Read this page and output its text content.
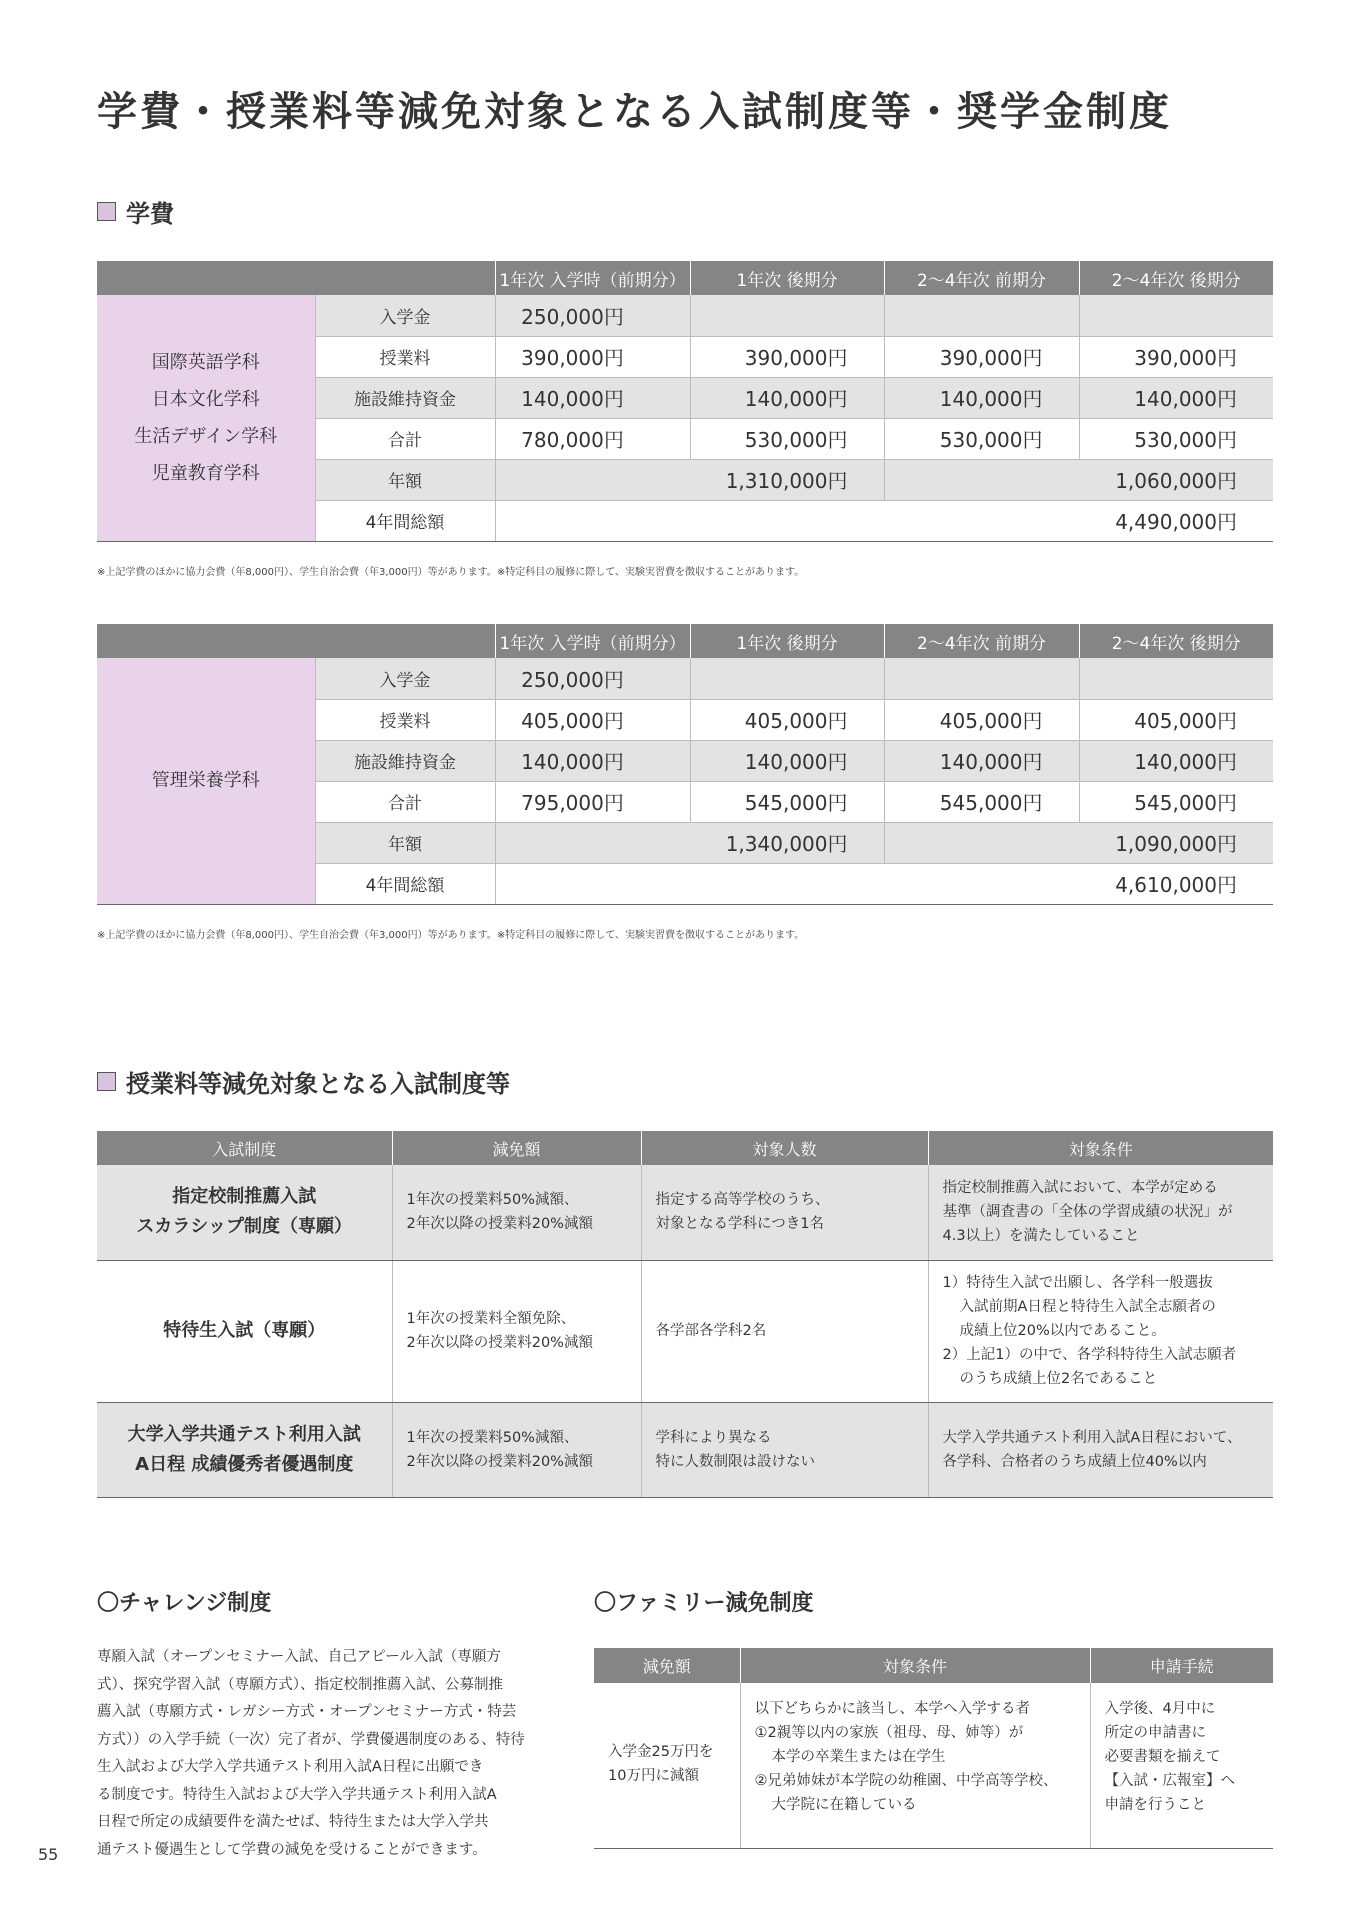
学費・授業料等減免対象となる入試制度等・奨学金制度
学費
		1年次 入学時（前期分）	1年次 後期分	2〜4年次 前期分	2〜4年次 後期分

国際英語学科
日本文化学科
生活デザイン学科
児童教育学科	入学金	250,000円			
	授業料	390,000円	390,000円	390,000円	390,000円
	施設維持資金	140,000円	140,000円	140,000円	140,000円
	合計	780,000円	530,000円	530,000円	530,000円
	年額	1,310,000円		1,060,000円	
	4年間総額	4,490,000円			
※上記学費のほかに協力会費（年8,000円）、学生自治会費（年3,000円）等があります。※特定科目の履修に際して、実験実習費を徴収することがあります。
		1年次 入学時（前期分）	1年次 後期分	2〜4年次 前期分	2〜4年次 後期分

管理栄養学科	入学金	250,000円			
	授業料	405,000円	405,000円	405,000円	405,000円
	施設維持資金	140,000円	140,000円	140,000円	140,000円
	合計	795,000円	545,000円	545,000円	545,000円
	年額	1,340,000円		1,090,000円	
	4年間総額	4,610,000円			
※上記学費のほかに協力会費（年8,000円）、学生自治会費（年3,000円）等があります。※特定科目の履修に際して、実験実習費を徴収することがあります。
授業料等減免対象となる入試制度等
入試制度	減免額	対象人数	対象条件

指定校制推薦入試
スカラシップ制度（専願）	1年次の授業料50%減額、
2年次以降の授業料20%減額	指定する高等学校のうち、
対象となる学科につき1名	指定校制推薦入試において、本学が定める
基準（調査書の「全体の学習成績の状況」が
4.3以上）を満たしていること

特待生入試（専願）	1年次の授業料全額免除、
2年次以降の授業料20%減額	各学部各学科2名	1）特待生入試で出願し、各学科一般選抜
入試前期A日程と特待生入試全志願者の
成績上位20%以内であること。
2）上記1）の中で、各学科特待生入試志願者
のうち成績上位2名であること

大学入学共通テスト利用入試
A日程 成績優秀者優遇制度	1年次の授業料50%減額、
2年次以降の授業料20%減額	学科により異なる
特に人数制限は設けない	大学入学共通テスト利用入試A日程において、
各学科、合格者のうち成績上位40%以内
〇チャレンジ制度
専願入試（オープンセミナー入試、自己アピール入試（専願方
式）、探究学習入試（専願方式）、指定校制推薦入試、公募制推
薦入試（専願方式・レガシー方式・オープンセミナー方式・特芸
方式））の入学手続（一次）完了者が、学費優遇制度のある、特待
生入試および大学入学共通テスト利用入試A日程に出願でき
る制度です。特待生入試および大学入学共通テスト利用入試A
日程で所定の成績要件を満たせば、特待生または大学入学共
通テスト優遇生として学費の減免を受けることができます。
〇ファミリー減免制度
減免額	対象条件	申請手続

入学金25万円を
10万円に減額	以下どちらかに該当し、本学へ入学する者
①2親等以内の家族（祖母、母、姉等）が
本学の卒業生または在学生
②兄弟姉妹が本学院の幼稚園、中学高等学校、
大学院に在籍している	入学後、4月中に
所定の申請書に
必要書類を揃えて
【入試・広報室】へ
申請を行うこと
55
